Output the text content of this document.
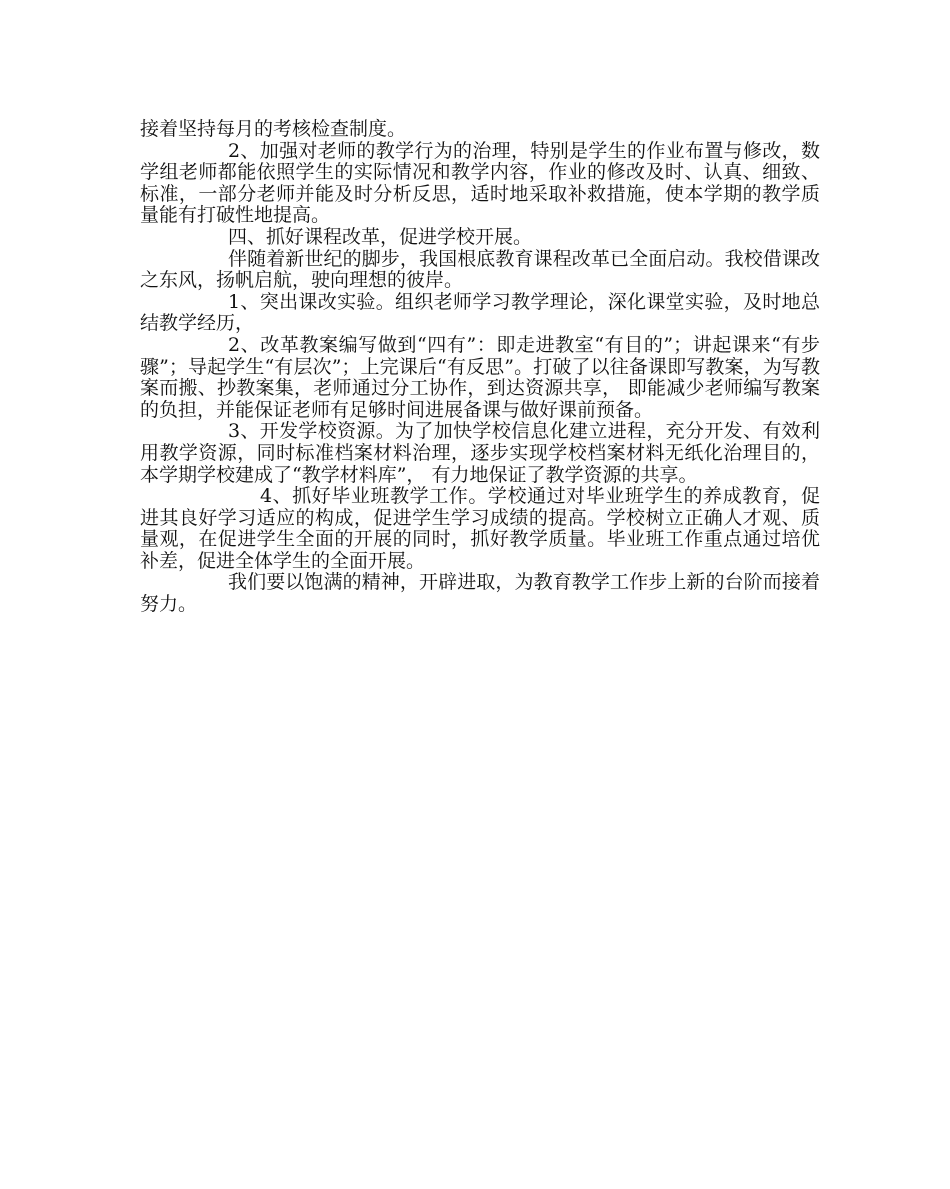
接着坚持每月的考核检查制度。

2、加强对老师的教学行为的治理，特别是学生的作业布置与修改，数学组老师都能依照学生的实际情况和教学内容，作业的修改及时、认真、细致、标准，一部分老师并能及时分析反思，适时地采取补救措施，使本学期的教学质量能有打破性地提高。

四、抓好课程改革，促进学校开展。

伴随着新世纪的脚步，我国根底教育课程改革已全面启动。我校借课改之东风，扬帆启航，驶向理想的彼岸。

1、突出课改实验。组织老师学习教学理论，深化课堂实验，及时地总结教学经历，

2、改革教案编写做到“四有”：即走进教室“有目的”；讲起课来“有步骤”；导起学生“有层次”；上完课后“有反思”。打破了以往备课即写教案，为写教案而搬、抄教案集，老师通过分工协作，到达资源共享， 即能减少老师编写教案的负担，并能保证老师有足够时间进展备课与做好课前预备。

3、开发学校资源。为了加快学校信息化建立进程，充分开发、有效利用教学资源，同时标准档案材料治理，逐步实现学校档案材料无纸化治理目的，本学期学校建成了“教学材料库”， 有力地保证了教学资源的共享。

4、抓好毕业班教学工作。学校通过对毕业班学生的养成教育，促进其良好学习适应的构成，促进学生学习成绩的提高。学校树立正确人才观、质量观，在促进学生全面的开展的同时，抓好教学质量。毕业班工作重点通过培优补差，促进全体学生的全面开展。

我们要以饱满的精神，开辟进取，为教育教学工作步上新的台阶而接着努力。
